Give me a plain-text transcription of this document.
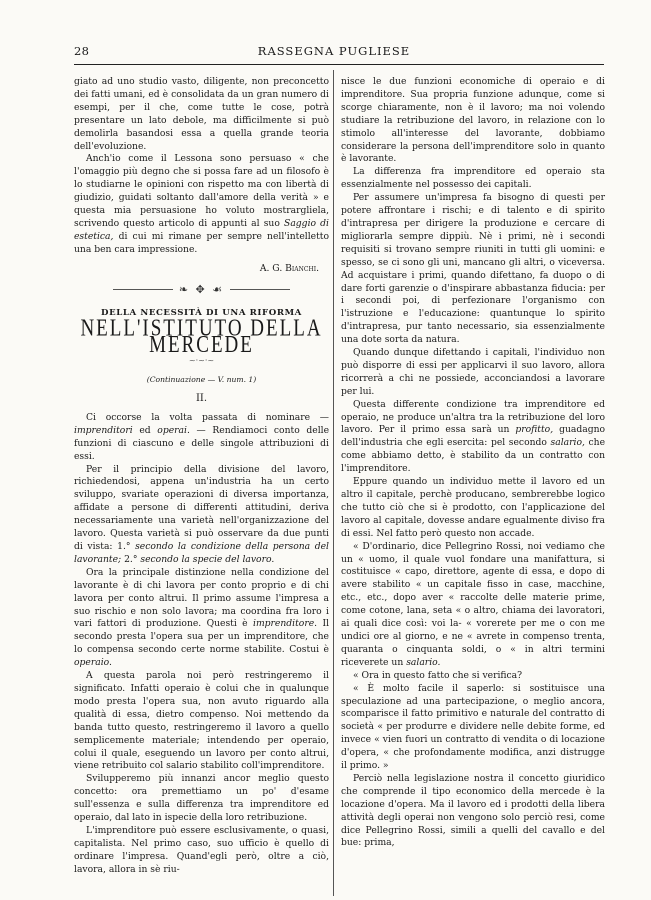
28	RASSEGNA PUGLIESE

giato ad uno studio vasto, diligente, non preconcetto dei fatti umani, ed è consolidata da un gran numero di esempi, per il che, come tutte le cose, potrà presentare un lato debole, ma difficilmente si può demolirla basandosi essa a quella grande teoria dell'evoluzione.

Anch'io come il Lessona sono persuaso « che l'omaggio più degno che si possa fare ad un filosofo è lo studiarne le opinioni con rispetto ma con libertà di giudizio, guidati soltanto dall'amore della verità » e questa mia persuasione ho voluto mostrargliela, scrivendo questo articolo di appunti al suo Saggio di estetica, di cui mi rimane per sempre nell'intelletto una ben cara impressione.

A. G. Bianchi.

❧ ✥ ☙
DELLA NECESSITÀ DI UNA RIFORMA
NELL'ISTITUTO DELLA MERCEDE
~·~·~
(Continuazione — V. num. 1)
II.

Ci occorse la volta passata di nominare — imprenditori ed operai. — Rendiamoci conto delle funzioni di ciascuno e delle singole attribuzioni di essi.

Per il principio della divisione del lavoro, richiedendosi, appena un'industria ha un certo sviluppo, svariate operazioni di diversa importanza, affidate a persone di differenti attitudini, deriva necessariamente una varietà nell'organizzazione del lavoro. Questa varietà si può osservare da due punti di vista: 1.° secondo la condizione della persona del lavorante; 2.° secondo la specie del lavoro.

Ora la principale distinzione nella condizione del lavorante è di chi lavora per conto proprio e di chi lavora per conto altrui. Il primo assume l'impresa a suo rischio e non solo lavora; ma coordina fra loro i vari fattori di produzione. Questi è imprenditore. Il secondo presta l'opera sua per un imprenditore, che lo compensa secondo certe norme stabilite. Costui è operaio.

A questa parola noi però restringeremo il significato. Infatti operaio è colui che in qualunque modo presta l'opera sua, non avuto riguardo alla qualità di essa, dietro compenso. Noi mettendo da banda tutto questo, restringeremo il lavoro a quello semplicemente materiale; intendendo per operaio, colui il quale, eseguendo un lavoro per conto altrui, viene retribuito col salario stabilito coll'imprenditore.

Svilupperemo più innanzi ancor meglio questo concetto: ora premettiamo un po' d'esame sull'essenza e sulla differenza tra imprenditore ed operaio, dal lato in ispecie della loro retribuzione.

L'imprenditore può essere esclusivamente, o quasi, capitalista. Nel primo caso, suo ufficio è quello di ordinare l'impresa. Quand'egli però, oltre a ciò, lavora, allora in sè riu-

nisce le due funzioni economiche di operaio e di imprenditore. Sua propria funzione adunque, come si scorge chiaramente, non è il lavoro; ma noi volendo studiare la retribuzione del lavoro, in relazione con lo stimolo all'interesse del lavorante, dobbiamo considerare la persona dell'imprenditore solo in quanto è lavorante.

La differenza fra imprenditore ed operaio sta essenzialmente nel possesso dei capitali.

Per assumere un'impresa fa bisogno di questi per potere affrontare i rischi; e di talento e di spirito d'intrapresa per dirigere la produzione e cercare di migliorarla sempre dippiù. Nè i primi, nè i secondi requisiti si trovano sempre riuniti in tutti gli uomini: e spesso, se ci sono gli uni, mancano gli altri, o viceversa. Ad acquistare i primi, quando difettano, fa duopo o di dare forti garenzie o d'inspirare abbastanza fiducia: per i secondi poi, di perfezionare l'organismo con l'istruzione e l'educazione: quantunque lo spirito d'intrapresa, pur tanto necessario, sia essenzialmente una dote sorta da natura.

Quando dunque difettando i capitali, l'individuo non può disporre di essi per applicarvi il suo lavoro, allora ricorrerà a chi ne possiede, acconciandosi a lavorare per lui.

Questa differente condizione tra imprenditore ed operaio, ne produce un'altra tra la retribuzione del loro lavoro. Per il primo essa sarà un profitto, guadagno dell'industria che egli esercita: pel secondo salario, che come abbiamo detto, è stabilito da un contratto con l'imprenditore.

Eppure quando un individuo mette il lavoro ed un altro il capitale, perchè producano, sembrerebbe logico che tutto ciò che si è prodotto, con l'applicazione del lavoro al capitale, dovesse andare egualmente diviso fra di essi. Nel fatto però questo non accade.

« D'ordinario, dice Pellegrino Rossi, noi vediamo che un « uomo, il quale vuol fondare una manifattura, si costituisce « capo, direttore, agente di essa, e dopo di avere stabilito « un capitale fisso in case, macchine, etc., etc., dopo aver « raccolte delle materie prime, come cotone, lana, seta « o altro, chiama dei lavoratori, ai quali dice così: voi la- « vorerete per me o con me undici ore al giorno, e ne « avrete in compenso trenta, quaranta o cinquanta soldi, o « in altri termini riceverete un salario.

« Ora in questo fatto che si verifica?

« È molto facile il saperlo: si sostituisce una speculazione ad una partecipazione, o meglio ancora, scomparisce il fatto primitivo e naturale del contratto di società « per produrre e dividere nelle debite forme, ed invece « vien fuori un contratto di vendita o di locazione d'opera, « che profondamente modifica, anzi distrugge il primo. »

Perciò nella legislazione nostra il concetto giuridico che comprende il tipo economico della mercede è la locazione d'opera. Ma il lavoro ed i prodotti della libera attività degli operai non vengono solo perciò resi, come dice Pellegrino Rossi, simili a quelli del cavallo e del bue: prima,
